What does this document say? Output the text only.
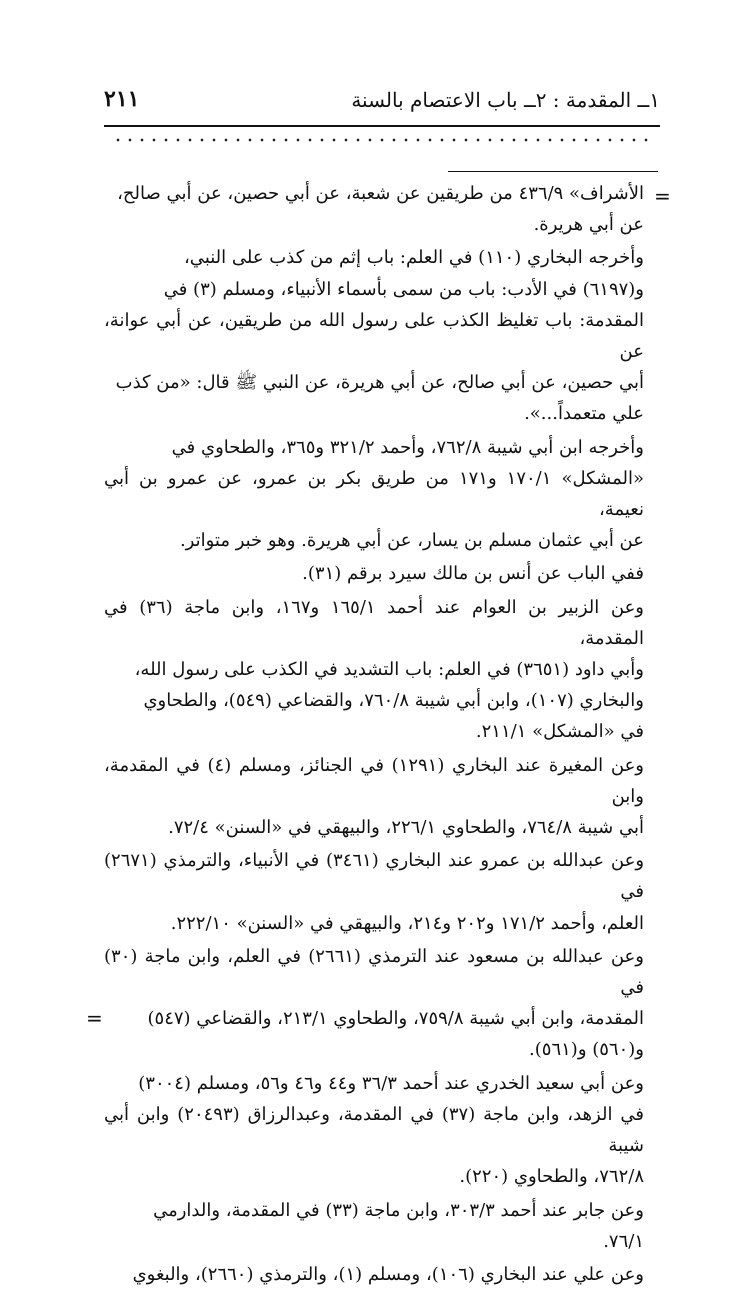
١ــ المقدمة : ٢ــ باب الاعتصام بالسنة
٢١١
=
=

الأشراف» ٤٣٦/٩ من طريقين عن شعبة، عن أبي حصين، عن أبي صالح،
عن أبي هريرة.

وأخرجه البخاري (١١٠) في العلم: باب إثم من كذب على النبي،
و(٦١٩٧) في الأدب: باب من سمى بأسماء الأنبياء، ومسلم (٣) في
المقدمة: باب تغليظ الكذب على رسول الله من طريقين، عن أبي عوانة، عن
أبي حصين، عن أبي صالح، عن أبي هريرة، عن النبي ﷺ قال: «من كذب
علي متعمداً...».

وأخرجه ابن أبي شيبة ٧٦٢/٨، وأحمد ٣٢١/٢ و٣٦٥، والطحاوي في
«المشكل» ١٧٠/١ و١٧١ من طريق بكر بن عمرو، عن عمرو بن أبي نعيمة،
عن أبي عثمان مسلم بن يسار، عن أبي هريرة. وهو خبر متواتر.

ففي الباب عن أنس بن مالك سيرد برقم (٣١).

وعن الزبير بن العوام عند أحمد ١٦٥/١ و١٦٧، وابن ماجة (٣٦) في المقدمة،
وأبي داود (٣٦٥١) في العلم: باب التشديد في الكذب على رسول الله،
والبخاري (١٠٧)، وابن أبي شيبة ٧٦٠/٨، والقضاعي (٥٤٩)، والطحاوي
في «المشكل» ٢١١/١.

وعن المغيرة عند البخاري (١٢٩١) في الجنائز، ومسلم (٤) في المقدمة، وابن
أبي شيبة ٧٦٤/٨، والطحاوي ٢٢٦/١، والبيهقي في «السنن» ٧٢/٤.

وعن عبدالله بن عمرو عند البخاري (٣٤٦١) في الأنبياء، والترمذي (٢٦٧١) في
العلم، وأحمد ١٧١/٢ و٢٠٢ و٢١٤، والبيهقي في «السنن» ٢٢٢/١٠.

وعن عبدالله بن مسعود عند الترمذي (٢٦٦١) في العلم، وابن ماجة (٣٠) في
المقدمة، وابن أبي شيبة ٧٥٩/٨، والطحاوي ٢١٣/١، والقضاعي (٥٤٧)
و(٥٦٠) و(٥٦١).

وعن أبي سعيد الخدري عند أحمد ٣٦/٣ و٤٤ و٤٦ و٥٦، ومسلم (٣٠٠٤)
في الزهد، وابن ماجة (٣٧) في المقدمة، وعبدالرزاق (٢٠٤٩٣) وابن أبي شيبة
٧٦٢/٨، والطحاوي (٢٢٠).

وعن جابر عند أحمد ٣٠٣/٣، وابن ماجة (٣٣) في المقدمة، والدارمي
٧٦/١.

وعن علي عند البخاري (١٠٦)، ومسلم (١)، والترمذي (٢٦٦٠)، والبغوي
